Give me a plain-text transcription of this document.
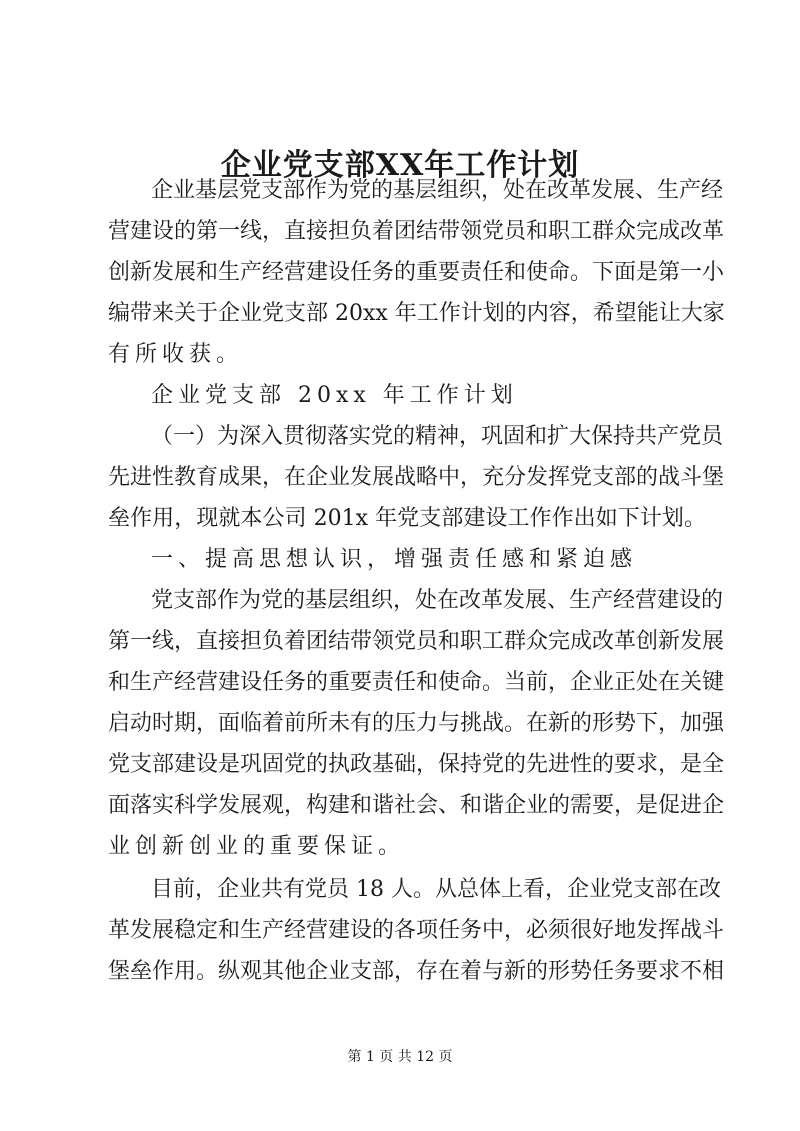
企业党支部XX年工作计划
企业基层党支部作为党的基层组织，处在改革发展、生产经
营建设的第一线，直接担负着团结带领党员和职工群众完成改革
创新发展和生产经营建设任务的重要责任和使命。下面是第一小
编带来关于企业党支部 20xx 年工作计划的内容，希望能让大家
有所收获。
企业党支部 20xx 年工作计划
（一）为深入贯彻落实党的精神，巩固和扩大保持共产党员
先进性教育成果，在企业发展战略中，充分发挥党支部的战斗堡
垒作用，现就本公司 201x 年党支部建设工作作出如下计划。
一、提高思想认识，增强责任感和紧迫感
党支部作为党的基层组织，处在改革发展、生产经营建设的
第一线，直接担负着团结带领党员和职工群众完成改革创新发展
和生产经营建设任务的重要责任和使命。当前，企业正处在关键
启动时期，面临着前所未有的压力与挑战。在新的形势下，加强
党支部建设是巩固党的执政基础，保持党的先进性的要求，是全
面落实科学发展观，构建和谐社会、和谐企业的需要，是促进企
业创新创业的重要保证。
目前，企业共有党员 18 人。从总体上看，企业党支部在改
革发展稳定和生产经营建设的各项任务中，必须很好地发挥战斗
堡垒作用。纵观其他企业支部，存在着与新的形势任务要求不相
第 1 页 共 12 页
